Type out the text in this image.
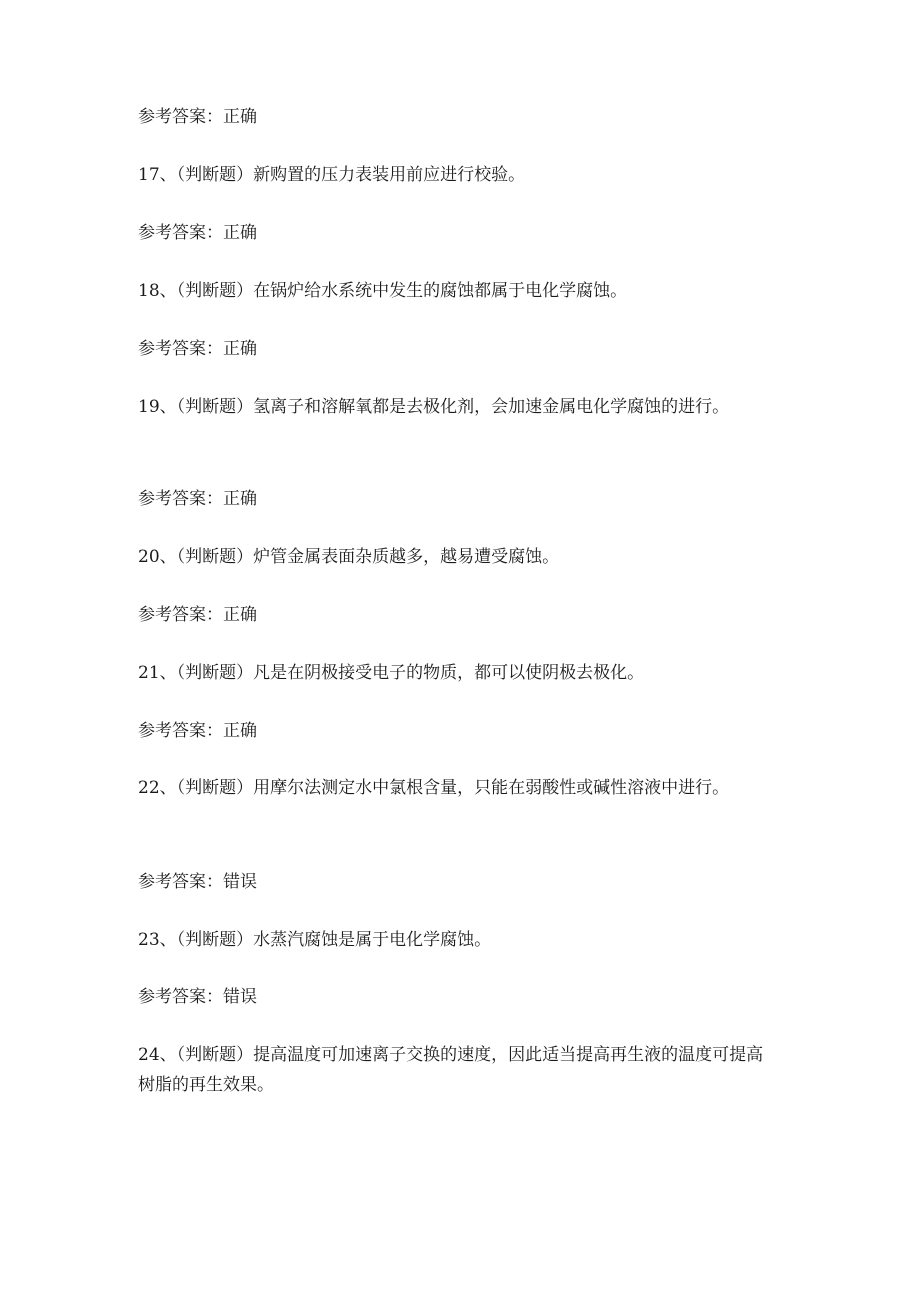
参考答案：正确
17、（判断题）新购置的压力表装用前应进行校验。
参考答案：正确
18、（判断题）在锅炉给水系统中发生的腐蚀都属于电化学腐蚀。
参考答案：正确
19、（判断题）氢离子和溶解氧都是去极化剂，会加速金属电化学腐蚀的进行。
参考答案：正确
20、（判断题）炉管金属表面杂质越多，越易遭受腐蚀。
参考答案：正确
21、（判断题）凡是在阴极接受电子的物质，都可以使阴极去极化。
参考答案：正确
22、（判断题）用摩尔法测定水中氯根含量，只能在弱酸性或碱性溶液中进行。
参考答案：错误
23、（判断题）水蒸汽腐蚀是属于电化学腐蚀。
参考答案：错误
24、（判断题）提高温度可加速离子交换的速度，因此适当提高再生液的温度可提高树脂的再生效果。
